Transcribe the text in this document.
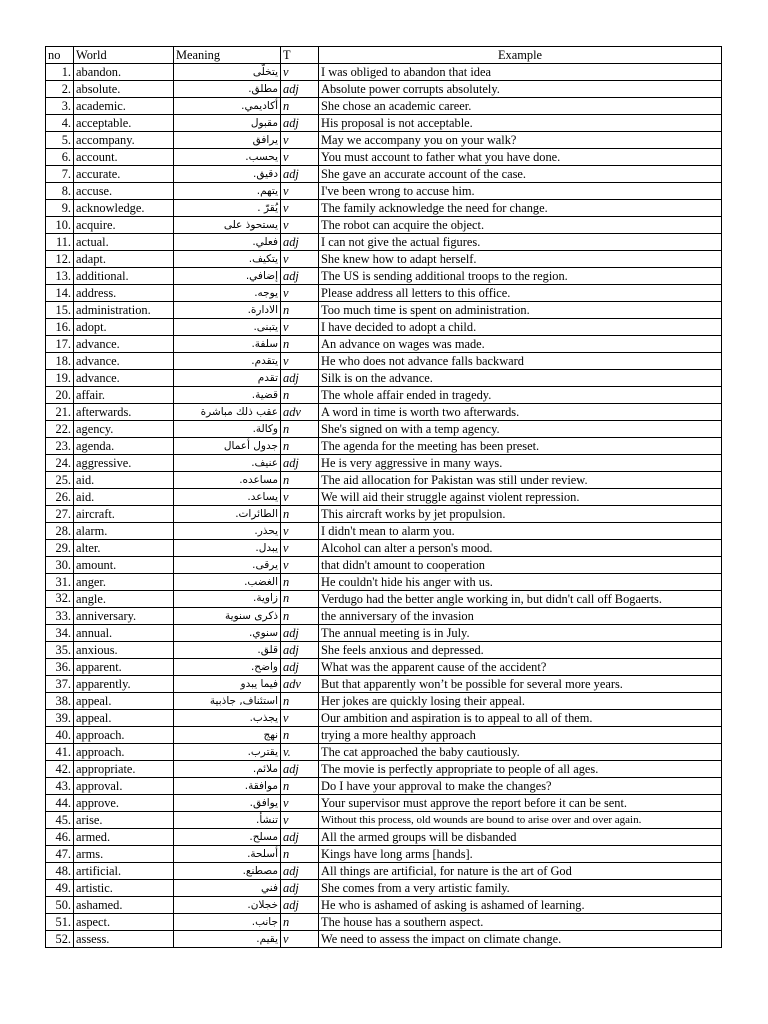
no	World	Meaning	T	Example
1.	abandon.	يتخلّى	v	I was obliged to abandon that idea
2.	absolute.	مطلق.	adj	Absolute power corrupts absolutely.
3.	academic.	أكاديمي.	n	She chose an academic career.
4.	acceptable.	مقبول	adj	His proposal is not acceptable.
5.	accompany.	يرافق	v	May we accompany you on your walk?
6.	account.	يحسب.	v	You must account to father what you have done.
7.	accurate.	دقيق.	adj	She gave an accurate account of the case.
8.	accuse.	يتهم.	v	I've been wrong to accuse him.
9.	acknowledge.	يُقرّ .	v	The family acknowledge the need for change.
10.	acquire.	يستحوذ على	v	The robot can acquire the object.
11.	actual.	فعلي.	adj	I can not give the actual figures.
12.	adapt.	يتكيف.	v	She knew how to adapt herself.
13.	additional.	إضافي.	adj	The US is sending additional troops to the region.
14.	address.	يوجه.	v	Please address all letters to this office.
15.	administration.	الادارة.	n	Too much time is spent on administration.
16.	adopt.	يتبنى.	v	I have decided to adopt a child.
17.	advance.	سلفة.	n	An advance on wages was made.
18.	advance.	يتقدم.	v	He who does not advance falls backward
19.	advance.	تقدم	adj	Silk is on the advance.
20.	affair.	قضية.	n	The whole affair ended in tragedy.
21.	afterwards.	عقب ذلك مباشرة	adv	A word in time is worth two afterwards.
22.	agency.	وكالة.	n	She's signed on with a temp agency.
23.	agenda.	جدول أعمال	n	The agenda for the meeting has been preset.
24.	aggressive.	عنيف.	adj	He is very aggressive in many ways.
25.	aid.	مساعده.	n	The aid allocation for Pakistan was still under review.
26.	aid.	يساعد.	v	We will aid their struggle against violent repression.
27.	aircraft.	الطائرات.	n	This aircraft works by jet propulsion.
28.	alarm.	يحذر.	v	I didn't mean to alarm you.
29.	alter.	يبدل.	v	Alcohol can alter a person's mood.
30.	amount.	يرقى.	v	that didn't amount to cooperation
31.	anger.	الغضب.	n	He couldn't hide his anger with us.
32.	angle.	زاوية.	n	Verdugo had the better angle working in, but didn't call off Bogaerts.
33.	anniversary.	ذكرى سنوية	n	the anniversary of the invasion
34.	annual.	سنوي.	adj	The annual meeting is in July.
35.	anxious.	قلق.	adj	She feels anxious and depressed.
36.	apparent.	واضح.	adj	What was the apparent cause of the accident?
37.	apparently.	فيما يبدو	adv	But that apparently won’t be possible for several more years.
38.	appeal.	استئناف, جاذبية	n	Her jokes are quickly losing their appeal.
39.	appeal.	يجذب.	v	Our ambition and aspiration is to appeal to all of them.
40.	approach.	نهج	n	trying a more healthy approach
41.	approach.	يقترب.	v.	The cat approached the baby cautiously.
42.	appropriate.	ملائم.	adj	The movie is perfectly appropriate to people of all ages.
43.	approval.	موافقة.	n	Do I have your approval to make the changes?
44.	approve.	يوافق.	v	Your supervisor must approve the report before it can be sent.
45.	arise.	تنشأ.	v	Without this process, old wounds are bound to arise over and over again.
46.	armed.	مسلح.	adj	All the armed groups will be disbanded
47.	arms.	أسلحة.	n	Kings have long arms [hands].
48.	artificial.	مصطنع.	adj	All things are artificial, for nature is the art of God
49.	artistic.	فني	adj	She comes from a very artistic family.
50.	ashamed.	خجلان.	adj	He who is ashamed of asking is ashamed of learning.
51.	aspect.	جانب.	n	The house has a southern aspect.
52.	assess.	يقيم.	v	We need to assess the impact on climate change.
